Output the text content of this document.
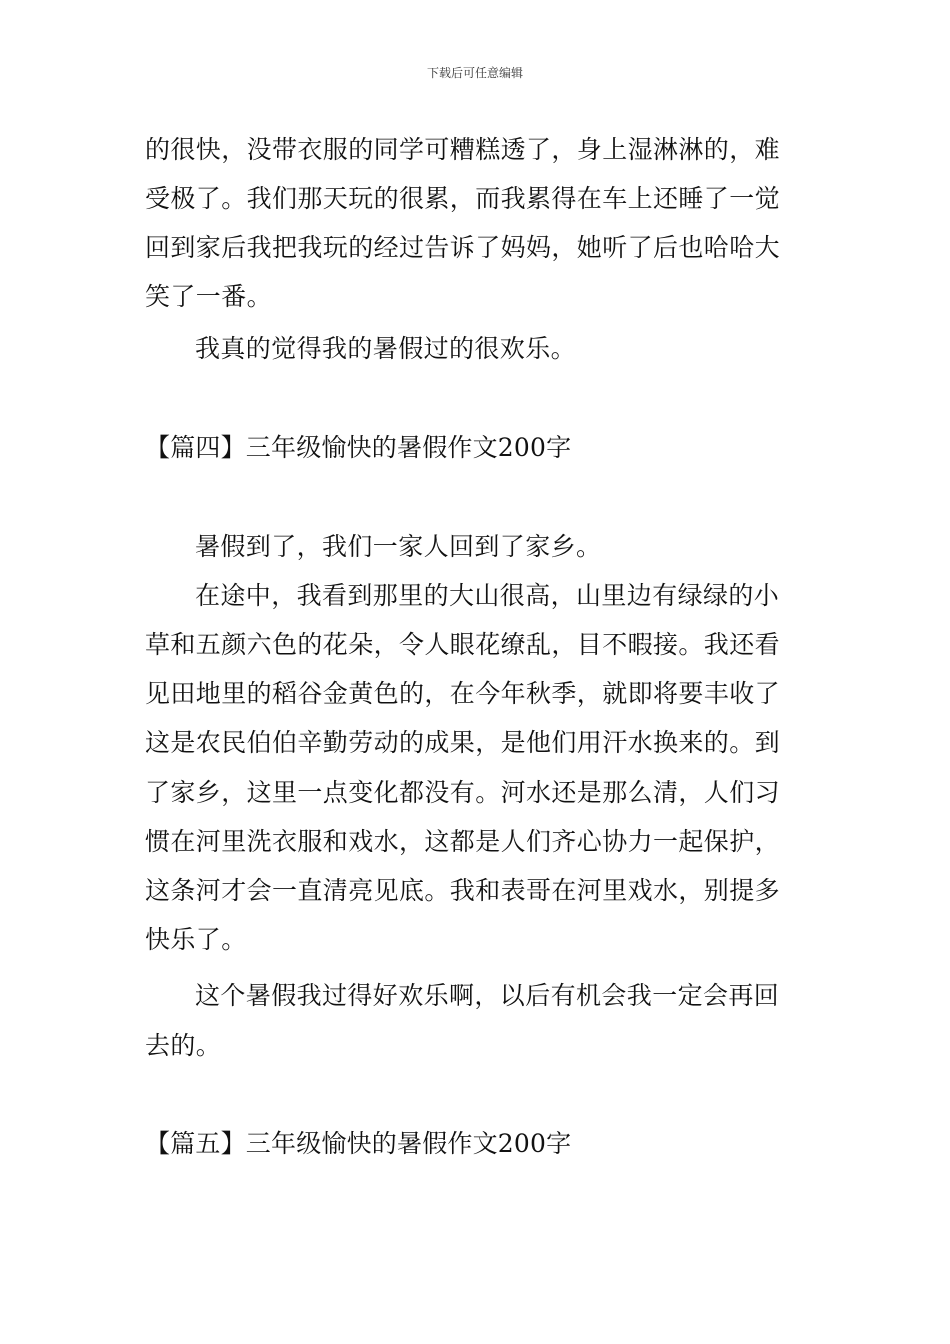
下载后可任意编辑
的很快，没带衣服的同学可糟糕透了，身上湿淋淋的，难
受极了。我们那天玩的很累，而我累得在车上还睡了一觉
回到家后我把我玩的经过告诉了妈妈，她听了后也哈哈大
笑了一番。
我真的觉得我的暑假过的很欢乐。
【篇四】三年级愉快的暑假作文200字
暑假到了，我们一家人回到了家乡。
在途中，我看到那里的大山很高，山里边有绿绿的小
草和五颜六色的花朵，令人眼花缭乱，目不暇接。我还看
见田地里的稻谷金黄色的，在今年秋季，就即将要丰收了
这是农民伯伯辛勤劳动的成果，是他们用汗水换来的。到
了家乡，这里一点变化都没有。河水还是那么清，人们习
惯在河里洗衣服和戏水，这都是人们齐心协力一起保护，
这条河才会一直清亮见底。我和表哥在河里戏水，别提多
快乐了。
这个暑假我过得好欢乐啊，以后有机会我一定会再回
去的。
【篇五】三年级愉快的暑假作文200字
